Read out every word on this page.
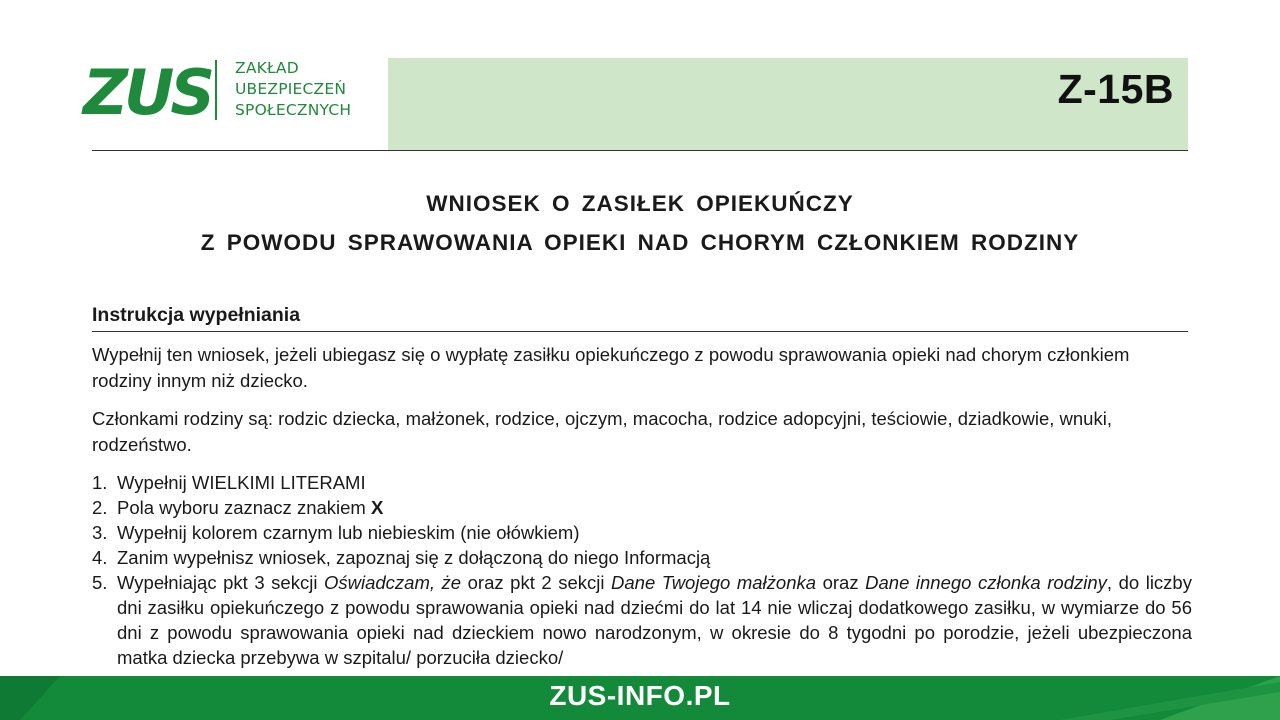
ZUS ZAKŁAD
UBEZPIECZEŃ
SPOŁECZNYCH	Z-15B
WNIOSEK O ZASIŁEK OPIEKUŃCZY
Z POWODU SPRAWOWANIA OPIEKI NAD CHORYM CZŁONKIEM RODZINY
Instrukcja wypełniania
Wypełnij ten wniosek, jeżeli ubiegasz się o wypłatę zasiłku opiekuńczego z powodu sprawowania opieki nad chorym członkiem rodziny innym niż dziecko.
Członkami rodziny są: rodzic dziecka, małżonek, rodzice, ojczym, macocha, rodzice adopcyjni, teściowie, dziadkowie, wnuki, rodzeństwo.
1. Wypełnij WIELKIMI LITERAMI
2. Pola wyboru zaznacz znakiem X
3. Wypełnij kolorem czarnym lub niebieskim (nie ołówkiem)
4. Zanim wypełnisz wniosek, zapoznaj się z dołączoną do niego Informacją
5. Wypełniając pkt 3 sekcji Oświadczam, że oraz pkt 2 sekcji Dane Twojego małżonka oraz Dane innego członka rodziny, do liczby dni zasiłku opiekuńczego z powodu sprawowania opieki nad dziećmi do lat 14 nie wliczaj dodatkowego zasiłku, w wymiarze do 56 dni z powodu sprawowania opieki nad dzieckiem nowo narodzonym, w okresie do 8 tygodni po porodzie, jeżeli ubezpieczona matka dziecka przebywa w szpitalu/ porzuciła dziecko/
ZUS-INFO.PL
